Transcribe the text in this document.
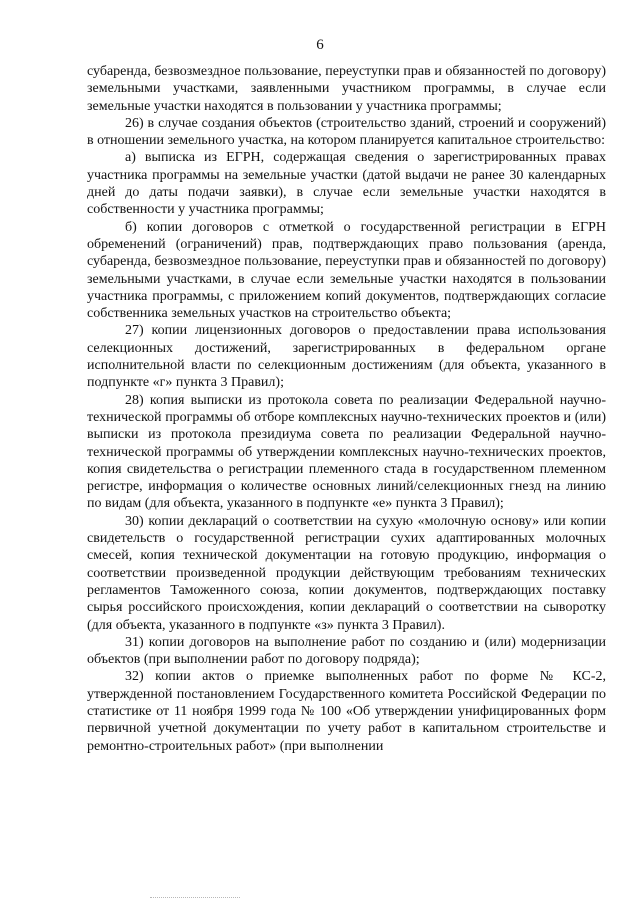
6

субаренда, безвозмездное пользование, переуступки прав и обязанностей по договору) земельными участками, заявленными участником программы, в случае если земельные участки находятся в пользовании у участника программы;

26) в случае создания объектов (строительство зданий, строений и сооружений) в отношении земельного участка, на котором планируется капитальное строительство:

а) выписка из ЕГРН, содержащая сведения о зарегистрированных правах участника программы на земельные участки (датой выдачи не ранее 30 календарных дней до даты подачи заявки), в случае если земельные участки находятся в собственности у участника программы;

б) копии договоров с отметкой о государственной регистрации в ЕГРН обременений (ограничений) прав, подтверждающих право пользования (аренда, субаренда, безвозмездное пользование, переуступки прав и обязанностей по договору) земельными участками, в случае если земельные участки находятся в пользовании участника программы, с приложением копий документов, подтверждающих согласие собственника земельных участков на строительство объекта;

27) копии лицензионных договоров о предоставлении права использования селекционных достижений, зарегистрированных в федеральном органе исполнительной власти по селекционным достижениям (для объекта, указанного в подпункте «г» пункта 3 Правил);

28) копия выписки из протокола совета по реализации Федеральной научно-технической программы об отборе комплексных научно-технических проектов и (или) выписки из протокола президиума совета по реализации Федеральной научно-технической программы об утверждении комплексных научно-технических проектов, копия свидетельства о регистрации племенного стада в государственном племенном регистре, информация о количестве основных линий/селекционных гнезд на линию по видам (для объекта, указанного в подпункте «е» пункта 3 Правил);

30) копии деклараций о соответствии на сухую «молочную основу» или копии свидетельств о государственной регистрации сухих адаптированных молочных смесей, копия технической документации на готовую продукцию, информация о соответствии произведенной продукции действующим требованиям технических регламентов Таможенного союза, копии документов, подтверждающих поставку сырья российского происхождения, копии деклараций о соответствии на сыворотку (для объекта, указанного в подпункте «з» пункта 3 Правил).

31) копии договоров на выполнение работ по созданию и (или) модернизации объектов (при выполнении работ по договору подряда);

32) копии актов о приемке выполненных работ по форме № КС-2, утвержденной постановлением Государственного комитета Российской Федерации по статистике от 11 ноября 1999 года № 100 «Об утверждении унифицированных форм первичной учетной документации по учету работ в капитальном строительстве и ремонтно-строительных работ» (при выполнении
